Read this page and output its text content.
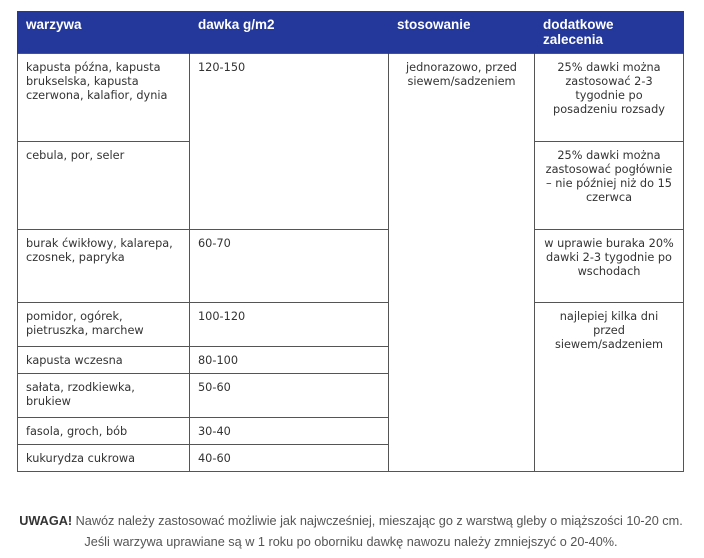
warzywa	dawka g/m2	stosowanie	dodatkowe zalecenia
kapusta późna, kapusta brukselska, kapusta czerwona, kalafior, dynia	120-150	jednorazowo, przed siewem/sadzeniem	25% dawki można zastosować 2-3 tygodnie po posadzeniu rozsady
cebula, por, seler			25% dawki można zastosować pogłównie – nie później niż do 15 czerwca
burak ćwikłowy, kalarepa, czosnek, papryka	60-70		w uprawie buraka 20% dawki 2-3 tygodnie po wschodach
pomidor, ogórek, pietruszka, marchew	100-120		najlepiej kilka dni przed siewem/sadzeniem
kapusta wczesna	80-100		
sałata, rzodkiewka, brukiew	50-60		
fasola, groch, bób	30-40		
kukurydza cukrowa	40-60		
UWAGA! Nawóz należy zastosować możliwie jak najwcześniej, mieszając go z warstwą gleby o miąższości 10-20 cm. Jeśli warzywa uprawiane są w 1 roku po oborniku dawkę nawozu należy zmniejszyć o 20-40%.
